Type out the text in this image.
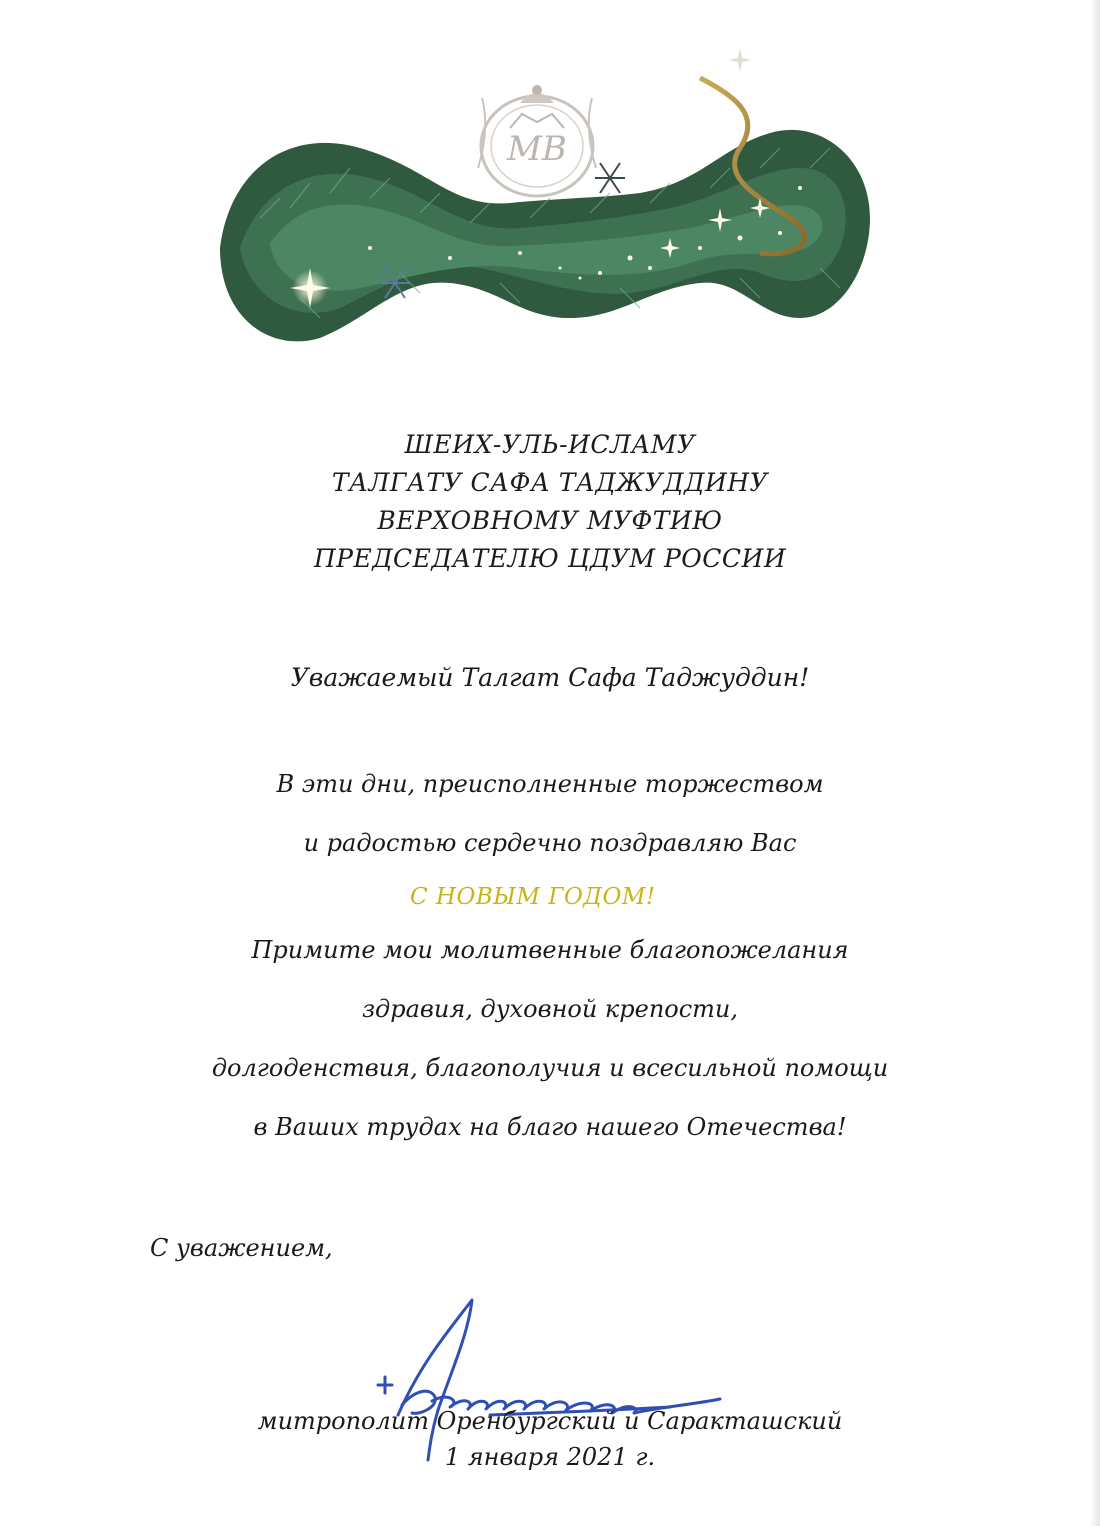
MB
ШЕИХ-УЛЬ-ИСЛАМУ
ТАЛГАТУ САФА ТАДЖУДДИНУ
ВЕРХОВНОМУ МУФТИЮ
ПРЕДСЕДАТЕЛЮ ЦДУМ РОССИИ
Уважаемый Талгат Сафа Таджуддин!
В эти дни, преисполненные торжеством
и радостью сердечно поздравляю Вас
С НОВЫМ ГОДОМ!
Примите мои молитвенные благопожелания
здравия, духовной крепости,
долгоденствия, благополучия и всесильной помощи
в Ваших трудах на благо нашего Отечества!
С уважением,
митрополит Оренбургский и Саракташский
1 января 2021 г.
